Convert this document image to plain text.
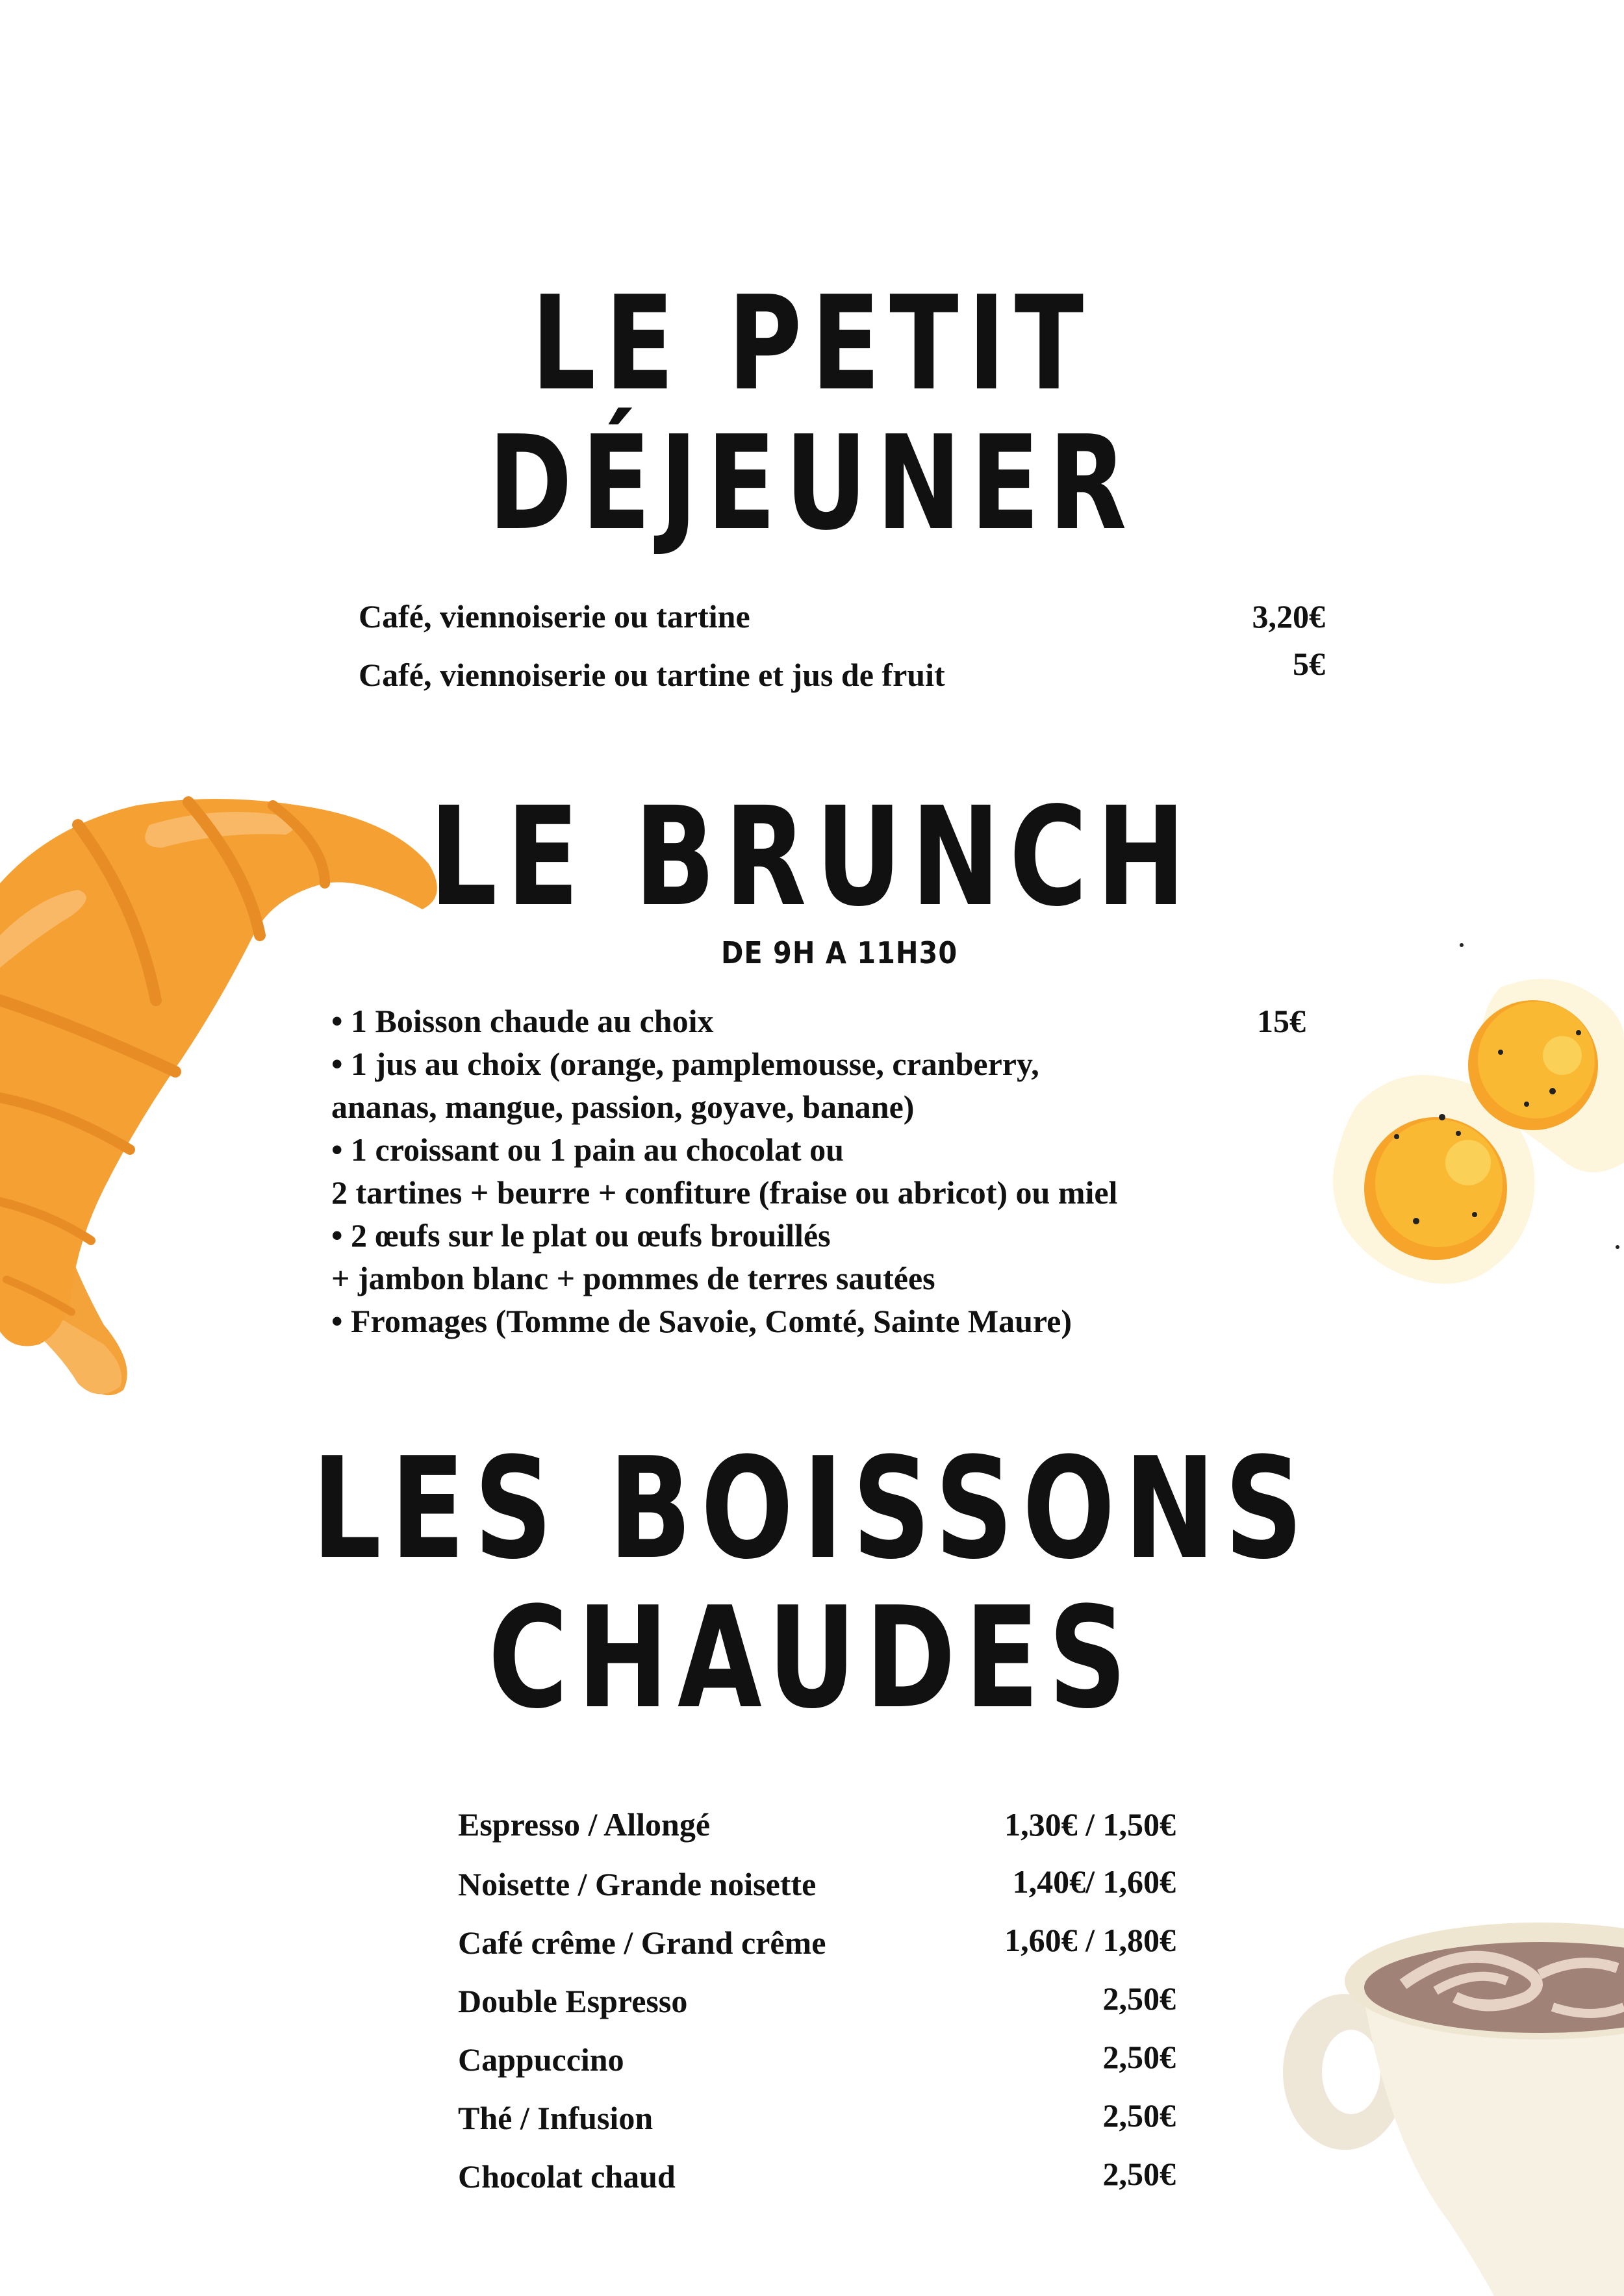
LE PETIT
DÉJEUNER
Café, viennoiserie ou tartine	3,20€
Café, viennoiserie ou tartine et jus de fruit	5€
LE BRUNCH
DE 9H A 11H30
15€
• 1 Boisson chaude au choix
• 1 jus au choix (orange, pamplemousse, cranberry,
ananas, mangue, passion, goyave, banane)
• 1 croissant ou 1 pain au chocolat ou
2 tartines + beurre + confiture (fraise ou abricot) ou miel
• 2 œufs sur le plat ou œufs brouillés
+ jambon blanc + pommes de terres sautées
• Fromages (Tomme de Savoie, Comté, Sainte Maure)
LES BOISSONS
CHAUDES
Espresso / Allongé	1,30€ / 1,50€
Noisette / Grande noisette	1,40€/ 1,60€
Café crême / Grand crême	1,60€ / 1,80€
Double Espresso	2,50€
Cappuccino	2,50€
Thé / Infusion	2,50€
Chocolat chaud	2,50€
